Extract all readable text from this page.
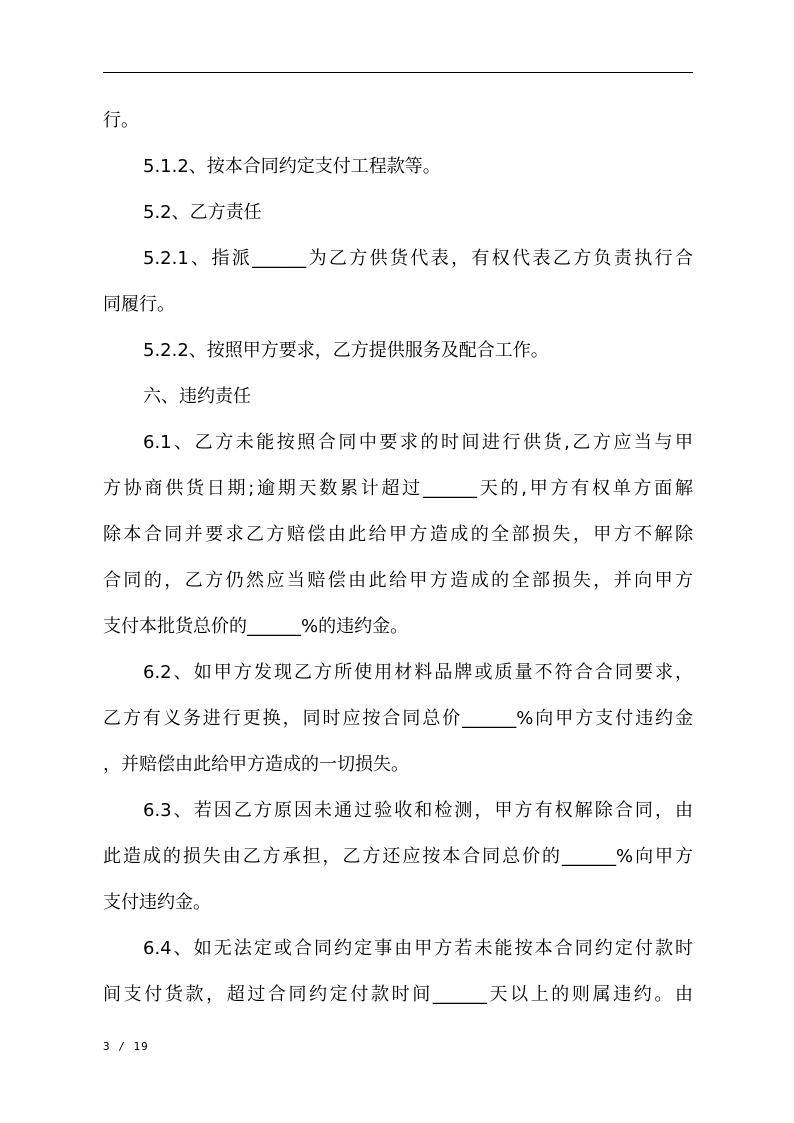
行。
5.1.2、按本合同约定支付工程款等。
5.2、乙方责任
5.2.1、指派______为乙方供货代表，有权代表乙方负责执行合
同履行。
5.2.2、按照甲方要求，乙方提供服务及配合工作。
六、违约责任
6.1、乙方未能按照合同中要求的时间进行供货,乙方应当与甲
方协商供货日期;逾期天数累计超过______天的,甲方有权单方面解
除本合同并要求乙方赔偿由此给甲方造成的全部损失，甲方不解除
合同的，乙方仍然应当赔偿由此给甲方造成的全部损失，并向甲方
支付本批货总价的______%的违约金。
6.2、如甲方发现乙方所使用材料品牌或质量不符合合同要求，
乙方有义务进行更换，同时应按合同总价______%向甲方支付违约金
，并赔偿由此给甲方造成的一切损失。
6.3、若因乙方原因未通过验收和检测，甲方有权解除合同，由
此造成的损失由乙方承担，乙方还应按本合同总价的______%向甲方
支付违约金。
6.4、如无法定或合同约定事由甲方若未能按本合同约定付款时
间支付货款，超过合同约定付款时间______天以上的则属违约。由
3 / 19
